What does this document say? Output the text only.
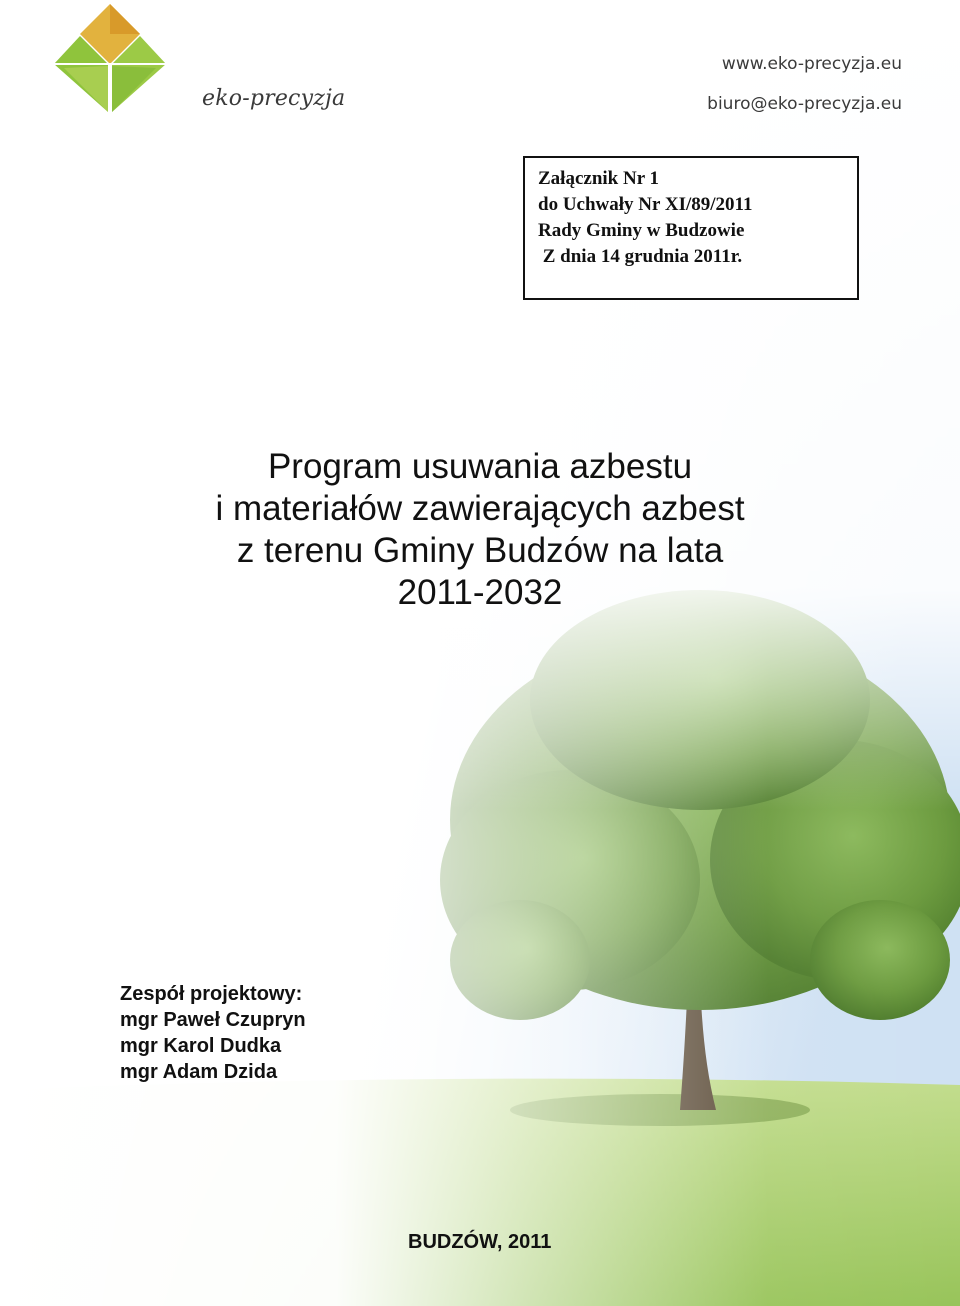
eko-precyzja
www.eko-precyzja.eu
biuro@eko-precyzja.eu
Załącznik Nr 1
do Uchwały Nr XI/89/2011
Rady Gminy w Budzowie
Z dnia 14 grudnia 2011r.
Program usuwania azbestu
i materiałów zawierających azbest
z terenu Gminy Budzów na lata
2011-2032
Zespół projektowy:
mgr Paweł Czupryn
mgr Karol Dudka
mgr Adam Dzida
BUDZÓW, 2011
